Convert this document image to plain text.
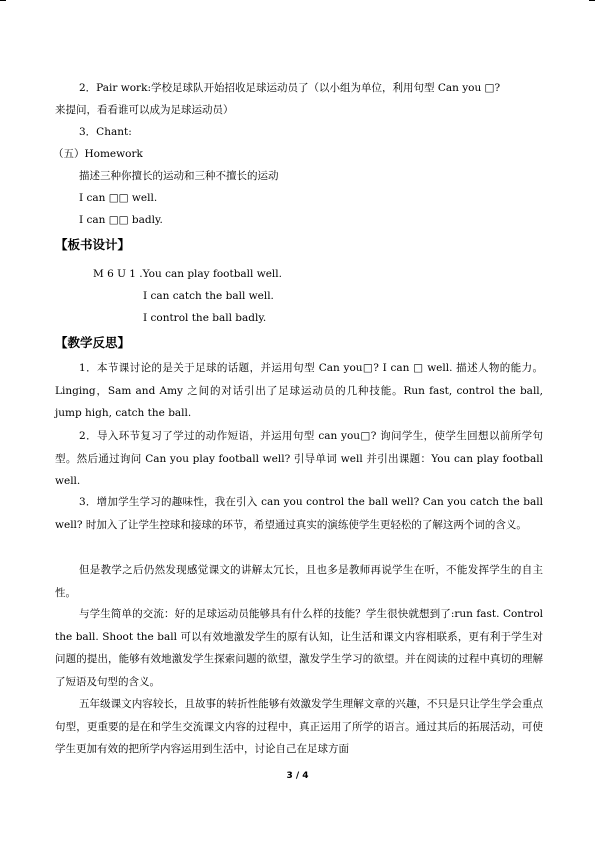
2．Pair work:学校足球队开始招收足球运动员了（以小组为单位，利用句型 Can you □?
来提问，看看谁可以成为足球运动员）
3．Chant:
（五）Homework
描述三种你擅长的运动和三种不擅长的运动
I can □□ well.
I can □□ badly.
【板书设计】
M 6 U 1 .You can play football well.
I can catch the ball well.
I control the ball badly.
【教学反思】
1．本节课讨论的是关于足球的话题，并运用句型 Can you□? I can □ well. 描述人物的能力。Linging，Sam and Amy 之间的对话引出了足球运动员的几种技能。Run fast, control the ball, jump high, catch the ball.
2．导入环节复习了学过的动作短语，并运用句型 can you□? 询问学生，使学生回想以前所学句型。然后通过询问 Can you play football well? 引导单词 well 并引出课题：You can play football well.
3．增加学生学习的趣味性，我在引入 can you control the ball well? Can you catch the ball well? 时加入了让学生控球和接球的环节，希望通过真实的演练使学生更轻松的了解这两个词的含义。
但是教学之后仍然发现感觉课文的讲解太冗长，且也多是教师再说学生在听，不能发挥学生的自主性。
与学生简单的交流：好的足球运动员能够具有什么样的技能？学生很快就想到了:run fast. Control the ball. Shoot the ball 可以有效地激发学生的原有认知，让生活和课文内容相联系，更有利于学生对问题的提出，能够有效地激发学生探索问题的欲望，激发学生学习的欲望。并在阅读的过程中真切的理解了短语及句型的含义。
五年级课文内容较长，且故事的转折性能够有效激发学生理解文章的兴趣，不只是只让学生学会重点句型，更重要的是在和学生交流课文内容的过程中，真正运用了所学的语言。通过其后的拓展活动，可使学生更加有效的把所学内容运用到生活中，讨论自己在足球方面
3 / 4
